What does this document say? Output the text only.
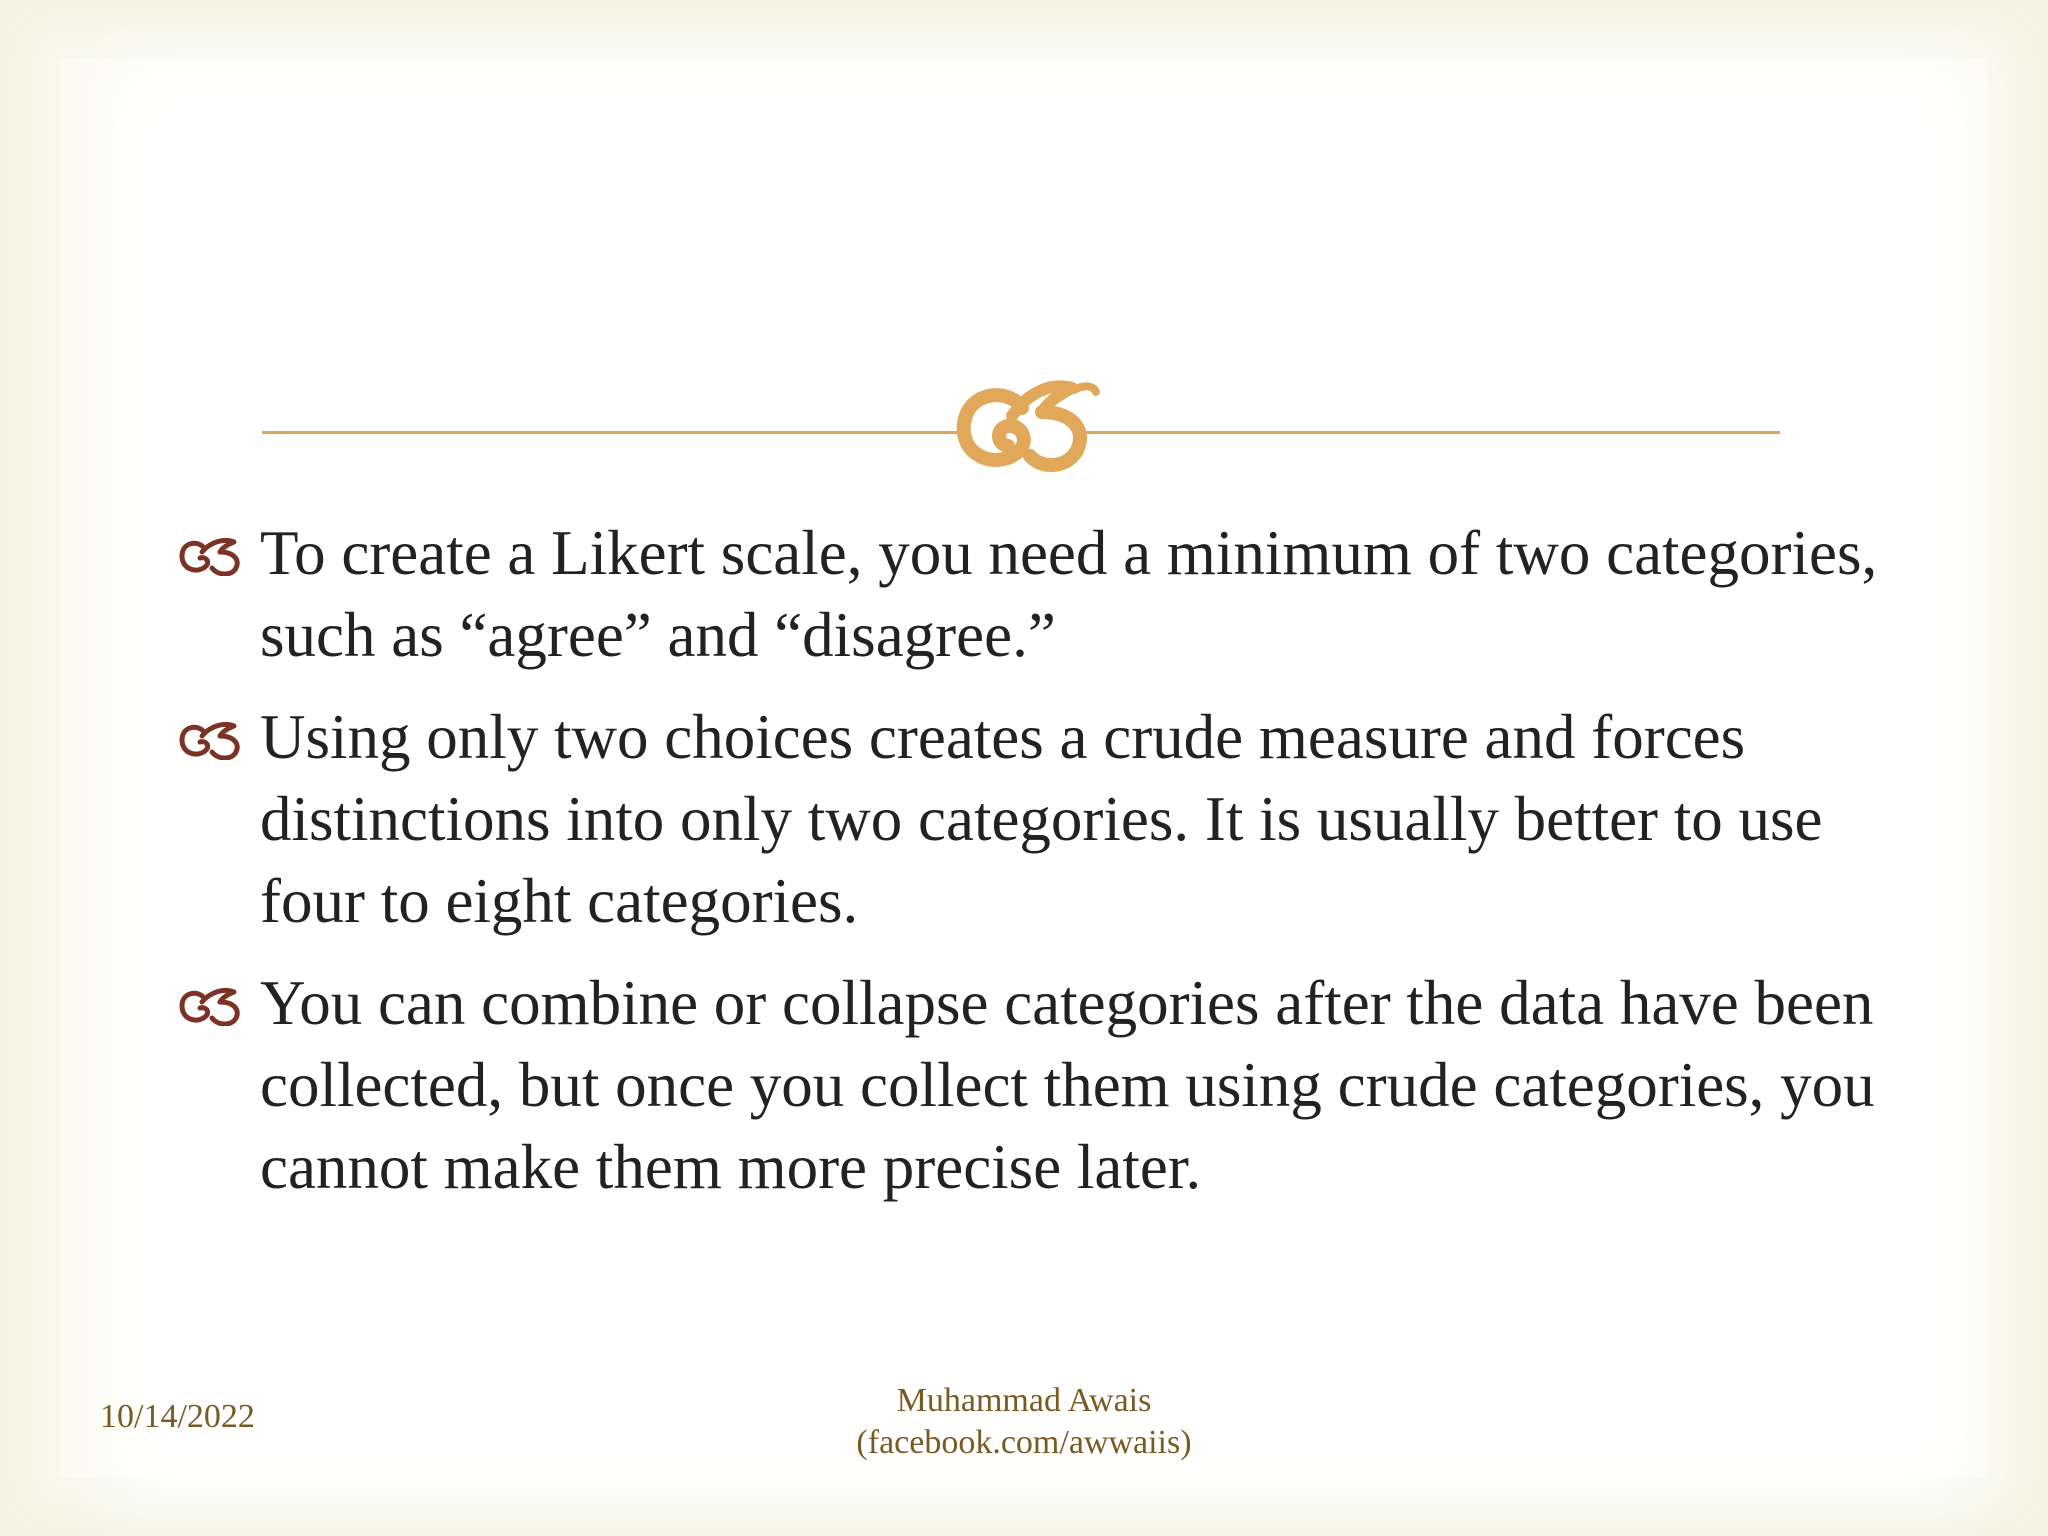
To create a Likert scale, you need a minimum of two categories, such as “agree” and “disagree.”
Using only two choices creates a crude measure and forces distinctions into only two categories. It is usually better to use four to eight categories.
You can combine or collapse categories after the data have been collected, but once you collect them using crude categories, you cannot make them more precise later.
10/14/2022	Muhammad Awais
(facebook.com/awwaiis)
